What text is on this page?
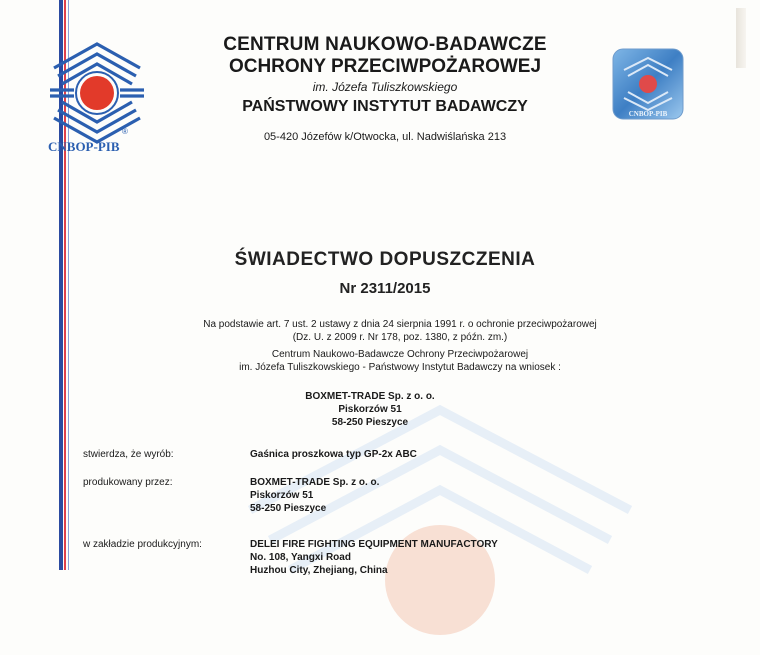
®
CNBOP-PIB
CNBOP-PIB
CENTRUM NAUKOWO-BADAWCZE
OCHRONY PRZECIWPOŻAROWEJ
im. Józefa Tuliszkowskiego
PAŃSTWOWY INSTYTUT BADAWCZY
05-420 Józefów k/Otwocka, ul. Nadwiślańska 213
ŚWIADECTWO DOPUSZCZENIA
Nr 2311/2015
Na podstawie art. 7 ust. 2 ustawy z dnia 24 sierpnia 1991 r. o ochronie przeciwpożarowej
(Dz. U. z 2009 r. Nr 178, poz. 1380, z późn. zm.)
Centrum Naukowo-Badawcze Ochrony Przeciwpożarowej
im. Józefa Tuliszkowskiego - Państwowy Instytut Badawczy na wniosek :
BOXMET-TRADE Sp. z o. o.
Piskorzów 51
58-250 Pieszyce
stwierdza, że wyrób:	Gaśnica proszkowa typ GP-2x ABC
produkowany przez:	BOXMET-TRADE Sp. z o. o.
Piskorzów 51
58-250 Pieszyce
w zakładzie produkcyjnym:	DELEI FIRE FIGHTING EQUIPMENT MANUFACTORY
No. 108, Yangxi Road
Huzhou City, Zhejiang, China
